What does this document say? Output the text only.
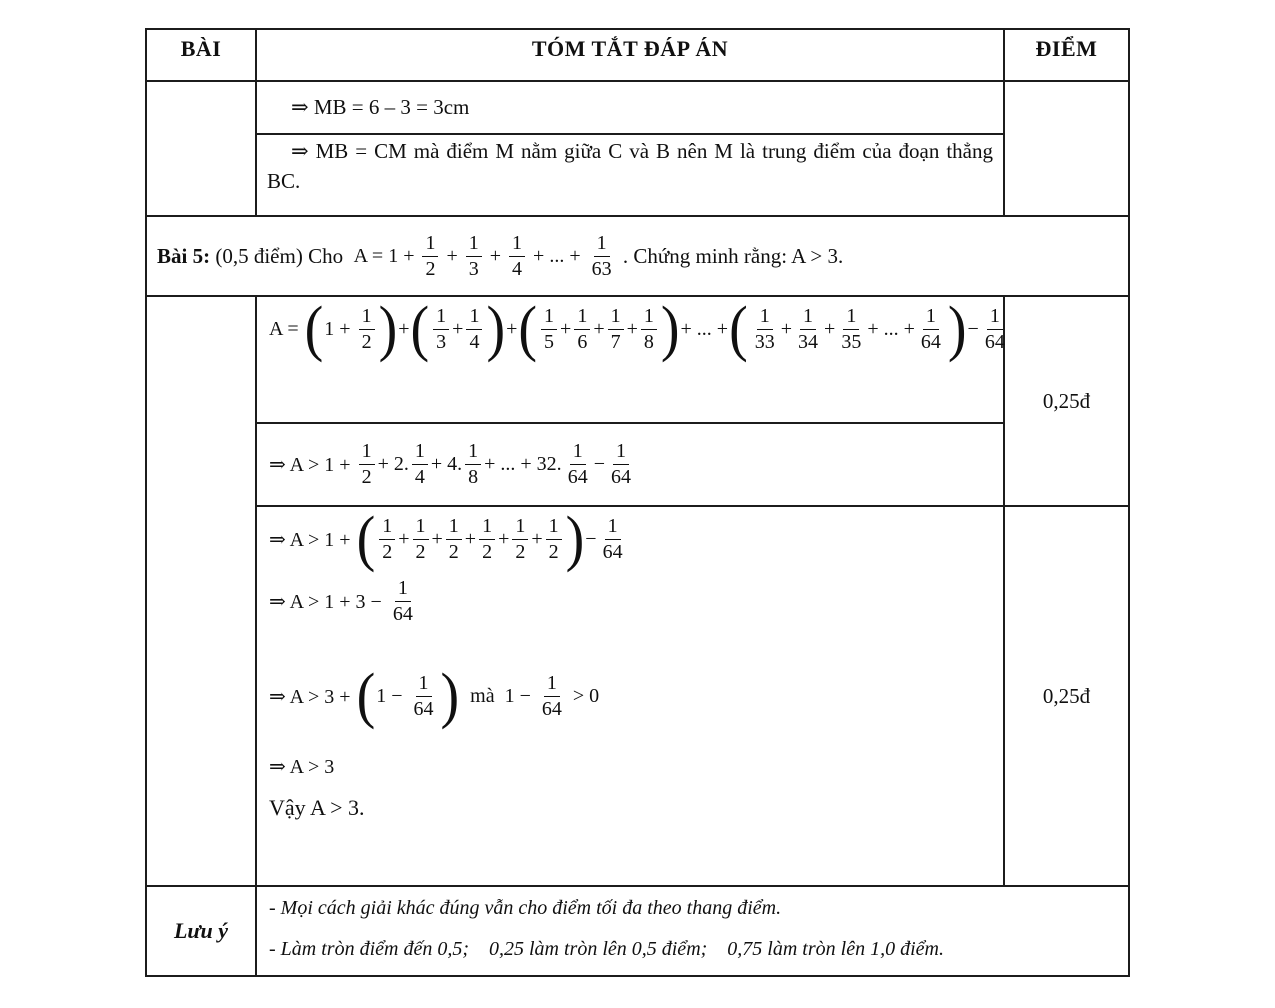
BÀI	TÓM TẮT ĐÁP ÁN	ĐIỂM
⇒ MB = 6 – 3 = 3cm
⇒ MB = CM mà điểm M nằm giữa C và B nên M là trung điểm của đoạn thẳng BC.
Bài 5: (0,5 điểm) Cho $A = 1 + \frac{1}{2} + \frac{1}{3} + \frac{1}{4}$ + ... + $\frac{1}{63}$ . Chứng minh rằng: A > 3.
A = ( $1 + \frac{1}{2}$ ) + ( $\frac{1}{3} + \frac{1}{4}$ ) + ( $\frac{1}{5} + \frac{1}{6} + \frac{1}{7} + \frac{1}{8}$ ) + ... + ( $\frac{1}{33} + \frac{1}{34} + \frac{1}{35}$ + ... + $\frac{1}{64}$ ) − $\frac{1}{64}$
⇒ $A > 1 + \frac{1}{2} + 2$. $\frac{1}{4} + 4$. $\frac{1}{8}$ + ... + 32. $\frac{1}{64} - \frac{1}{64}$
⇒ A > 1 + ( $\frac{1}{2} + \frac{1}{2} + \frac{1}{2} + \frac{1}{2} + \frac{1}{2} + \frac{1}{2}$ ) − $\frac{1}{64}$
⇒ $A > 1 + 3 - \frac{1}{64}$
⇒ A > 3 + ( $1 - \frac{1}{64}$ ) mà  $1 - \frac{1}{64} > 0$
⇒ A > 3
Vậy A > 3.
0,25đ
0,25đ
Lưu ý
- Mọi cách giải khác đúng vẫn cho điểm tối đa theo thang điểm.
- Làm tròn điểm đến 0,5;    0,25 làm tròn lên 0,5 điểm;    0,75 làm tròn lên 1,0 điểm.
